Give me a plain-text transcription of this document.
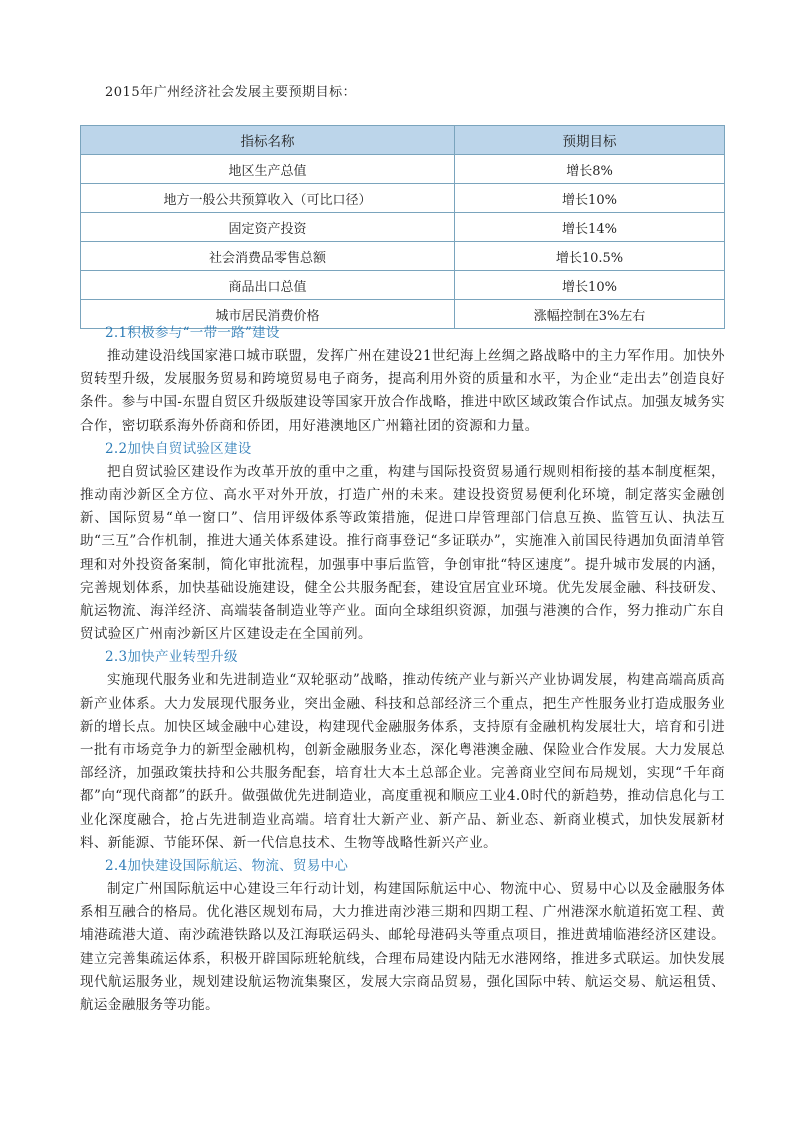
2015年广州经济社会发展主要预期目标：
指标名称	预期目标
地区生产总值	增长8%
地方一般公共预算收入（可比口径）	增长10%
固定资产投资	增长14%
社会消费品零售总额	增长10.5%
商品出口总值	增长10%
城市居民消费价格	涨幅控制在3%左右
2.1积极参与“一带一路”建设

推动建设沿线国家港口城市联盟，发挥广州在建设21世纪海上丝绸之路战略中的主力军作用。加快外贸转型升级，发展服务贸易和跨境贸易电子商务，提高利用外资的质量和水平，为企业“走出去”创造良好条件。参与中国-东盟自贸区升级版建设等国家开放合作战略，推进中欧区域政策合作试点。加强友城务实合作，密切联系海外侨商和侨团，用好港澳地区广州籍社团的资源和力量。

2.2加快自贸试验区建设

把自贸试验区建设作为改革开放的重中之重，构建与国际投资贸易通行规则相衔接的基本制度框架，推动南沙新区全方位、高水平对外开放，打造广州的未来。建设投资贸易便利化环境，制定落实金融创新、国际贸易“单一窗口”、信用评级体系等政策措施，促进口岸管理部门信息互换、监管互认、执法互助“三互”合作机制，推进大通关体系建设。推行商事登记“多证联办”，实施准入前国民待遇加负面清单管理和对外投资备案制，简化审批流程，加强事中事后监管，争创审批“特区速度”。提升城市发展的内涵，完善规划体系，加快基础设施建设，健全公共服务配套，建设宜居宜业环境。优先发展金融、科技研发、航运物流、海洋经济、高端装备制造业等产业。面向全球组织资源，加强与港澳的合作，努力推动广东自贸试验区广州南沙新区片区建设走在全国前列。

2.3加快产业转型升级

实施现代服务业和先进制造业“双轮驱动”战略，推动传统产业与新兴产业协调发展，构建高端高质高新产业体系。大力发展现代服务业，突出金融、科技和总部经济三个重点，把生产性服务业打造成服务业新的增长点。加快区域金融中心建设，构建现代金融服务体系，支持原有金融机构发展壮大，培育和引进一批有市场竞争力的新型金融机构，创新金融服务业态，深化粤港澳金融、保险业合作发展。大力发展总部经济，加强政策扶持和公共服务配套，培育壮大本土总部企业。完善商业空间布局规划，实现“千年商都”向“现代商都”的跃升。做强做优先进制造业，高度重视和顺应工业4.0时代的新趋势，推动信息化与工业化深度融合，抢占先进制造业高端。培育壮大新产业、新产品、新业态、新商业模式，加快发展新材料、新能源、节能环保、新一代信息技术、生物等战略性新兴产业。

2.4加快建设国际航运、物流、贸易中心

制定广州国际航运中心建设三年行动计划，构建国际航运中心、物流中心、贸易中心以及金融服务体系相互融合的格局。优化港区规划布局，大力推进南沙港三期和四期工程、广州港深水航道拓宽工程、黄埔港疏港大道、南沙疏港铁路以及江海联运码头、邮轮母港码头等重点项目，推进黄埔临港经济区建设。建立完善集疏运体系，积极开辟国际班轮航线，合理布局建设内陆无水港网络，推进多式联运。加快发展现代航运服务业，规划建设航运物流集聚区，发展大宗商品贸易，强化国际中转、航运交易、航运租赁、航运金融服务等功能。
